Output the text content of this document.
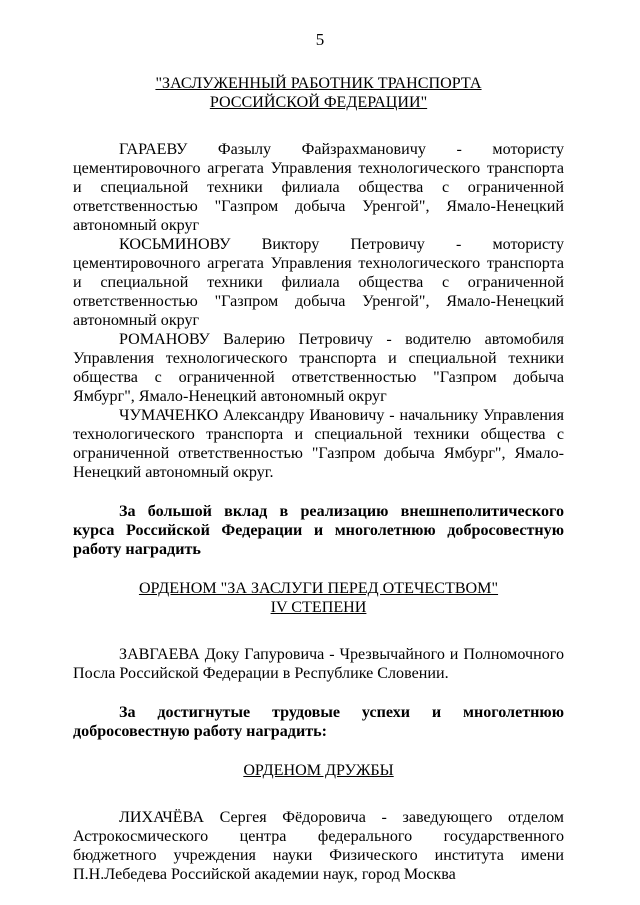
5
"ЗАСЛУЖЕННЫЙ РАБОТНИК ТРАНСПОРТА
РОССИЙСКОЙ ФЕДЕРАЦИИ"

ГАРАЕВУ Фазылу Файзрахмановичу - мотористу цементировочного агрегата Управления технологического транспорта и специальной техники филиала общества с ограниченной ответственностью "Газпром добыча Уренгой", Ямало-Ненецкий автономный округ

КОСЬМИНОВУ Виктору Петровичу - мотористу цементировочного агрегата Управления технологического транспорта и специальной техники филиала общества с ограниченной ответственностью "Газпром добыча Уренгой", Ямало-Ненецкий автономный округ

РОМАНОВУ Валерию Петровичу - водителю автомобиля Управления технологического транспорта и специальной техники общества с ограниченной ответственностью "Газпром добыча Ямбург", Ямало-Ненецкий автономный округ

ЧУМАЧЕНКО Александру Ивановичу - начальнику Управления технологического транспорта и специальной техники общества с ограниченной ответственностью "Газпром добыча Ямбург", Ямало-Ненецкий автономный округ.

За большой вклад в реализацию внешнеполитического курса Российской Федерации и многолетнюю добросовестную работу наградить

ОРДЕНОМ "ЗА ЗАСЛУГИ ПЕРЕД ОТЕЧЕСТВОМ"
IV СТЕПЕНИ

ЗАВГАЕВА Доку Гапуровича - Чрезвычайного и Полномочного Посла Российской Федерации в Республике Словении.

За достигнутые трудовые успехи и многолетнюю добросовестную работу наградить:

ОРДЕНОМ ДРУЖБЫ

ЛИХАЧЁВА Сергея Фёдоровича - заведующего отделом Астрокосмического центра федерального государственного бюджетного учреждения науки Физического института имени П.Н.Лебедева Российской академии наук, город Москва
